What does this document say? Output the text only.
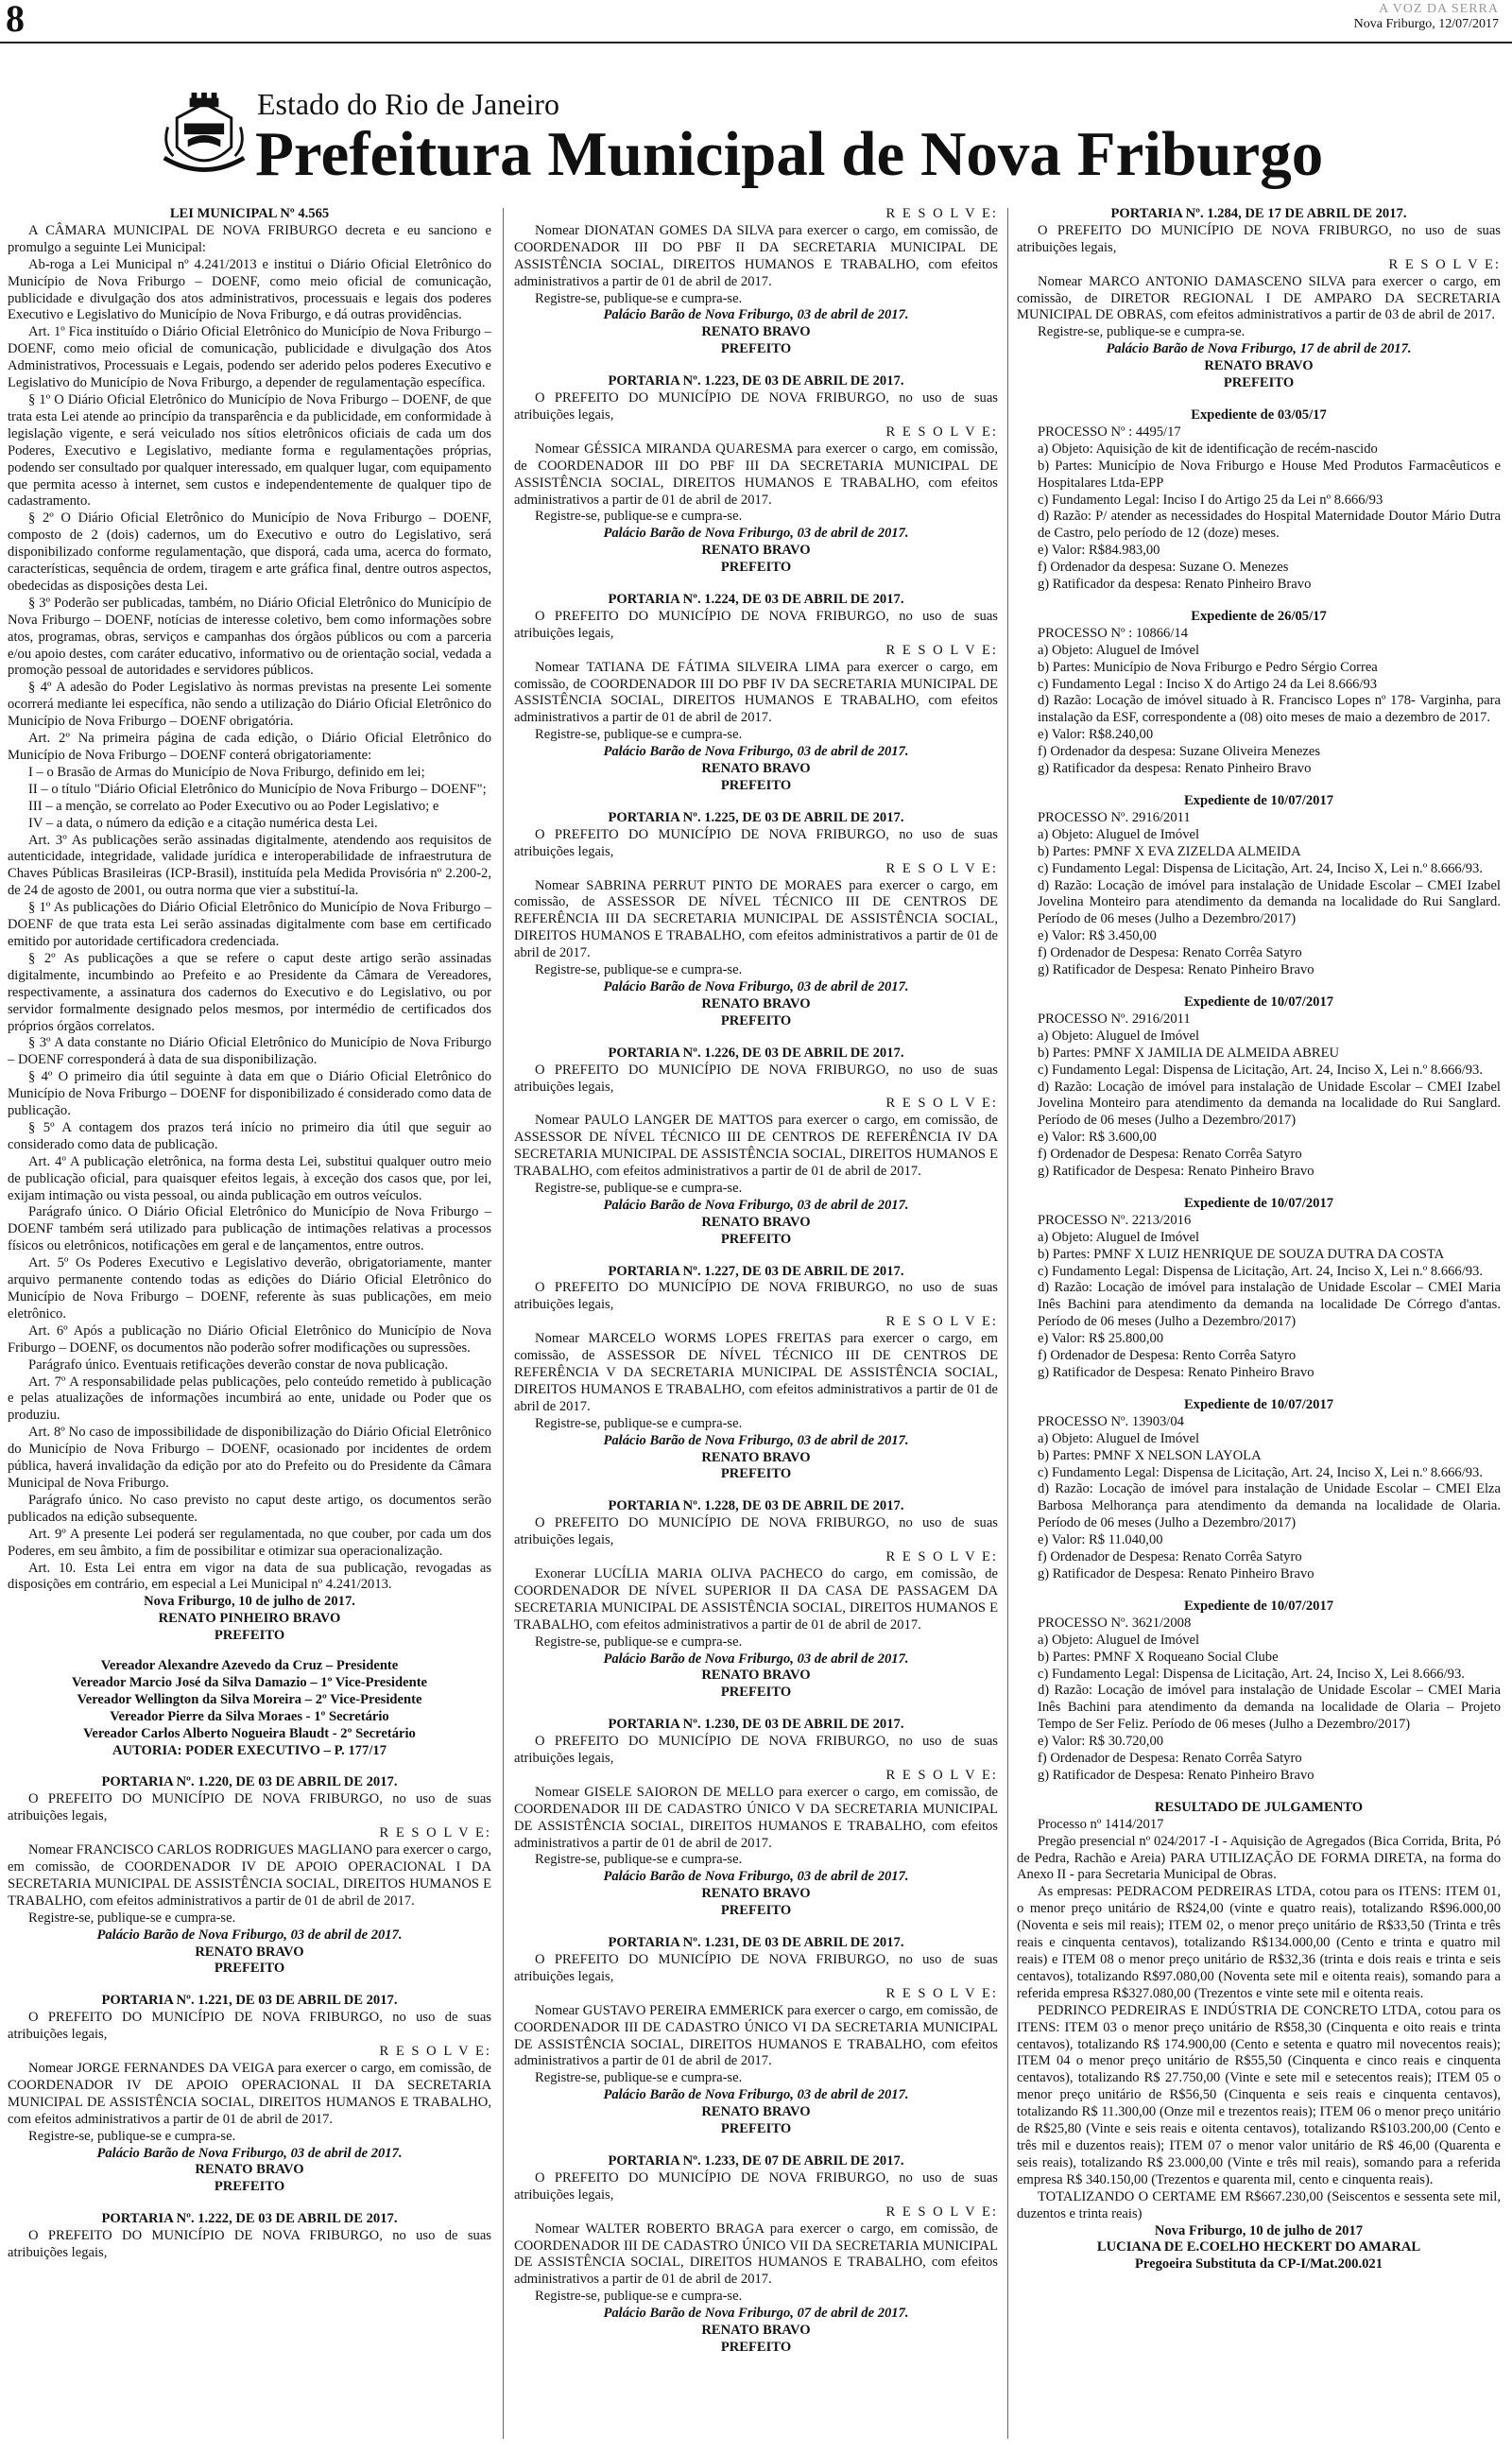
8	A VOZ DA SERRA
Nova Friburgo, 12/07/2017
Estado do Rio de Janeiro
Prefeitura Municipal de Nova Friburgo

LEI MUNICIPAL Nº 4.565

A CÂMARA MUNICIPAL DE NOVA FRIBURGO decreta e eu sanciono e promulgo a seguinte Lei Municipal:

Ab-roga a Lei Municipal nº 4.241/2013 e institui o Diário Oficial Eletrônico do Município de Nova Friburgo – DOENF, como meio oficial de comunicação, publicidade e divulgação dos atos administrativos, processuais e legais dos poderes Executivo e Legislativo do Município de Nova Friburgo, e dá outras providências.

Art. 1º Fica instituído o Diário Oficial Eletrônico do Município de Nova Friburgo – DOENF, como meio oficial de comunicação, publicidade e divulgação dos Atos Administrativos, Processuais e Legais, podendo ser aderido pelos poderes Executivo e Legislativo do Município de Nova Friburgo, a depender de regulamentação específica.

§ 1º O Diário Oficial Eletrônico do Município de Nova Friburgo – DOENF, de que trata esta Lei atende ao princípio da transparência e da publicidade, em conformidade à legislação vigente, e será veiculado nos sítios eletrônicos oficiais de cada um dos Poderes, Executivo e Legislativo, mediante forma e regulamentações próprias, podendo ser consultado por qualquer interessado, em qualquer lugar, com equipamento que permita acesso à internet, sem custos e independentemente de qualquer tipo de cadastramento.

§ 2º O Diário Oficial Eletrônico do Município de Nova Friburgo – DOENF, composto de 2 (dois) cadernos, um do Executivo e outro do Legislativo, será disponibilizado conforme regulamentação, que disporá, cada uma, acerca do formato, características, sequência de ordem, tiragem e arte gráfica final, dentre outros aspectos, obedecidas as disposições desta Lei.

§ 3º Poderão ser publicadas, também, no Diário Oficial Eletrônico do Município de Nova Friburgo – DOENF, notícias de interesse coletivo, bem como informações sobre atos, programas, obras, serviços e campanhas dos órgãos públicos ou com a parceria e/ou apoio destes, com caráter educativo, informativo ou de orientação social, vedada a promoção pessoal de autoridades e servidores públicos.

§ 4º A adesão do Poder Legislativo às normas previstas na presente Lei somente ocorrerá mediante lei específica, não sendo a utilização do Diário Oficial Eletrônico do Município de Nova Friburgo – DOENF obrigatória.

Art. 2º Na primeira página de cada edição, o Diário Oficial Eletrônico do Município de Nova Friburgo – DOENF conterá obrigatoriamente:

I – o Brasão de Armas do Município de Nova Friburgo, definido em lei;

II – o título "Diário Oficial Eletrônico do Município de Nova Friburgo – DOENF";

III – a menção, se correlato ao Poder Executivo ou ao Poder Legislativo; e

IV – a data, o número da edição e a citação numérica desta Lei.

Art. 3º As publicações serão assinadas digitalmente, atendendo aos requisitos de autenticidade, integridade, validade jurídica e interoperabilidade de infraestrutura de Chaves Públicas Brasileiras (ICP-Brasil), instituída pela Medida Provisória nº 2.200-2, de 24 de agosto de 2001, ou outra norma que vier a substituí-la.

§ 1º As publicações do Diário Oficial Eletrônico do Município de Nova Friburgo – DOENF de que trata esta Lei serão assinadas digitalmente com base em certificado emitido por autoridade certificadora credenciada.

§ 2º As publicações a que se refere o caput deste artigo serão assinadas digitalmente, incumbindo ao Prefeito e ao Presidente da Câmara de Vereadores, respectivamente, a assinatura dos cadernos do Executivo e do Legislativo, ou por servidor formalmente designado pelos mesmos, por intermédio de certificados dos próprios órgãos correlatos.

§ 3º A data constante no Diário Oficial Eletrônico do Município de Nova Friburgo – DOENF corresponderá à data de sua disponibilização.

§ 4º O primeiro dia útil seguinte à data em que o Diário Oficial Eletrônico do Município de Nova Friburgo – DOENF for disponibilizado é considerado como data de publicação.

§ 5º A contagem dos prazos terá início no primeiro dia útil que seguir ao considerado como data de publicação.

Art. 4º A publicação eletrônica, na forma desta Lei, substitui qualquer outro meio de publicação oficial, para quaisquer efeitos legais, à exceção dos casos que, por lei, exijam intimação ou vista pessoal, ou ainda publicação em outros veículos.

Parágrafo único. O Diário Oficial Eletrônico do Município de Nova Friburgo – DOENF também será utilizado para publicação de intimações relativas a processos físicos ou eletrônicos, notificações em geral e de lançamentos, entre outros.

Art. 5º Os Poderes Executivo e Legislativo deverão, obrigatoriamente, manter arquivo permanente contendo todas as edições do Diário Oficial Eletrônico do Município de Nova Friburgo – DOENF, referente às suas publicações, em meio eletrônico.

Art. 6º Após a publicação no Diário Oficial Eletrônico do Município de Nova Friburgo – DOENF, os documentos não poderão sofrer modificações ou supressões.

Parágrafo único. Eventuais retificações deverão constar de nova publicação.

Art. 7º A responsabilidade pelas publicações, pelo conteúdo remetido à publicação e pelas atualizações de informações incumbirá ao ente, unidade ou Poder que os produziu.

Art. 8º No caso de impossibilidade de disponibilização do Diário Oficial Eletrônico do Município de Nova Friburgo – DOENF, ocasionado por incidentes de ordem pública, haverá invalidação da edição por ato do Prefeito ou do Presidente da Câmara Municipal de Nova Friburgo.

Parágrafo único. No caso previsto no caput deste artigo, os documentos serão publicados na edição subsequente.

Art. 9º A presente Lei poderá ser regulamentada, no que couber, por cada um dos Poderes, em seu âmbito, a fim de possibilitar e otimizar sua operacionalização.

Art. 10. Esta Lei entra em vigor na data de sua publicação, revogadas as disposições em contrário, em especial a Lei Municipal nº 4.241/2013.

Nova Friburgo, 10 de julho de 2017.

RENATO PINHEIRO BRAVO

PREFEITO

Vereador Alexandre Azevedo da Cruz – Presidente

Vereador Marcio José da Silva Damazio – 1º Vice-Presidente

Vereador Wellington da Silva Moreira – 2º Vice-Presidente

Vereador Pierre da Silva Moraes - 1º Secretário

Vereador Carlos Alberto Nogueira Blaudt - 2º Secretário

AUTORIA: PODER EXECUTIVO – P. 177/17

PORTARIA Nº. 1.220, DE 03 DE ABRIL DE 2017.

O PREFEITO DO MUNICÍPIO DE NOVA FRIBURGO, no uso de suas atribuições legais,

R E S O L V E:

Nomear FRANCISCO CARLOS RODRIGUES MAGLIANO para exercer o cargo, em comissão, de COORDENADOR IV DE APOIO OPERACIONAL I DA SECRETARIA MUNICIPAL DE ASSISTÊNCIA SOCIAL, DIREITOS HUMANOS E TRABALHO, com efeitos administrativos a partir de 01 de abril de 2017.

Registre-se, publique-se e cumpra-se.

Palácio Barão de Nova Friburgo, 03 de abril de 2017.

RENATO BRAVO

PREFEITO

PORTARIA Nº. 1.221, DE 03 DE ABRIL DE 2017.

O PREFEITO DO MUNICÍPIO DE NOVA FRIBURGO, no uso de suas atribuições legais,

R E S O L V E:

Nomear JORGE FERNANDES DA VEIGA para exercer o cargo, em comissão, de COORDENADOR IV DE APOIO OPERACIONAL II DA SECRETARIA MUNICIPAL DE ASSISTÊNCIA SOCIAL, DIREITOS HUMANOS E TRABALHO, com efeitos administrativos a partir de 01 de abril de 2017.

Registre-se, publique-se e cumpra-se.

Palácio Barão de Nova Friburgo, 03 de abril de 2017.

RENATO BRAVO

PREFEITO

PORTARIA Nº. 1.222, DE 03 DE ABRIL DE 2017.

O PREFEITO DO MUNICÍPIO DE NOVA FRIBURGO, no uso de suas atribuições legais,

R E S O L V E:

Nomear DIONATAN GOMES DA SILVA para exercer o cargo, em comissão, de COORDENADOR III DO PBF II DA SECRETARIA MUNICIPAL DE ASSISTÊNCIA SOCIAL, DIREITOS HUMANOS E TRABALHO, com efeitos administrativos a partir de 01 de abril de 2017.

Registre-se, publique-se e cumpra-se.

Palácio Barão de Nova Friburgo, 03 de abril de 2017.

RENATO BRAVO

PREFEITO

PORTARIA Nº. 1.223, DE 03 DE ABRIL DE 2017.

O PREFEITO DO MUNICÍPIO DE NOVA FRIBURGO, no uso de suas atribuições legais,

R E S O L V E:

Nomear GÉSSICA MIRANDA QUARESMA para exercer o cargo, em comissão, de COORDENADOR III DO PBF III DA SECRETARIA MUNICIPAL DE ASSISTÊNCIA SOCIAL, DIREITOS HUMANOS E TRABALHO, com efeitos administrativos a partir de 01 de abril de 2017.

Registre-se, publique-se e cumpra-se.

Palácio Barão de Nova Friburgo, 03 de abril de 2017.

RENATO BRAVO

PREFEITO

PORTARIA Nº. 1.224, DE 03 DE ABRIL DE 2017.

O PREFEITO DO MUNICÍPIO DE NOVA FRIBURGO, no uso de suas atribuições legais,

R E S O L V E:

Nomear TATIANA DE FÁTIMA SILVEIRA LIMA para exercer o cargo, em comissão, de COORDENADOR III DO PBF IV DA SECRETARIA MUNICIPAL DE ASSISTÊNCIA SOCIAL, DIREITOS HUMANOS E TRABALHO, com efeitos administrativos a partir de 01 de abril de 2017.

Registre-se, publique-se e cumpra-se.

Palácio Barão de Nova Friburgo, 03 de abril de 2017.

RENATO BRAVO

PREFEITO

PORTARIA Nº. 1.225, DE 03 DE ABRIL DE 2017.

O PREFEITO DO MUNICÍPIO DE NOVA FRIBURGO, no uso de suas atribuições legais,

R E S O L V E:

Nomear SABRINA PERRUT PINTO DE MORAES para exercer o cargo, em comissão, de ASSESSOR DE NÍVEL TÉCNICO III DE CENTROS DE REFERÊNCIA III DA SECRETARIA MUNICIPAL DE ASSISTÊNCIA SOCIAL, DIREITOS HUMANOS E TRABALHO, com efeitos administrativos a partir de 01 de abril de 2017.

Registre-se, publique-se e cumpra-se.

Palácio Barão de Nova Friburgo, 03 de abril de 2017.

RENATO BRAVO

PREFEITO

PORTARIA Nº. 1.226, DE 03 DE ABRIL DE 2017.

O PREFEITO DO MUNICÍPIO DE NOVA FRIBURGO, no uso de suas atribuições legais,

R E S O L V E:

Nomear PAULO LANGER DE MATTOS para exercer o cargo, em comissão, de ASSESSOR DE NÍVEL TÉCNICO III DE CENTROS DE REFERÊNCIA IV DA SECRETARIA MUNICIPAL DE ASSISTÊNCIA SOCIAL, DIREITOS HUMANOS E TRABALHO, com efeitos administrativos a partir de 01 de abril de 2017.

Registre-se, publique-se e cumpra-se.

Palácio Barão de Nova Friburgo, 03 de abril de 2017.

RENATO BRAVO

PREFEITO

PORTARIA Nº. 1.227, DE 03 DE ABRIL DE 2017.

O PREFEITO DO MUNICÍPIO DE NOVA FRIBURGO, no uso de suas atribuições legais,

R E S O L V E:

Nomear MARCELO WORMS LOPES FREITAS para exercer o cargo, em comissão, de ASSESSOR DE NÍVEL TÉCNICO III DE CENTROS DE REFERÊNCIA V DA SECRETARIA MUNICIPAL DE ASSISTÊNCIA SOCIAL, DIREITOS HUMANOS E TRABALHO, com efeitos administrativos a partir de 01 de abril de 2017.

Registre-se, publique-se e cumpra-se.

Palácio Barão de Nova Friburgo, 03 de abril de 2017.

RENATO BRAVO

PREFEITO

PORTARIA Nº. 1.228, DE 03 DE ABRIL DE 2017.

O PREFEITO DO MUNICÍPIO DE NOVA FRIBURGO, no uso de suas atribuições legais,

R E S O L V E:

Exonerar LUCÍLIA MARIA OLIVA PACHECO do cargo, em comissão, de COORDENADOR DE NÍVEL SUPERIOR II DA CASA DE PASSAGEM DA SECRETARIA MUNICIPAL DE ASSISTÊNCIA SOCIAL, DIREITOS HUMANOS E TRABALHO, com efeitos administrativos a partir de 01 de abril de 2017.

Registre-se, publique-se e cumpra-se.

Palácio Barão de Nova Friburgo, 03 de abril de 2017.

RENATO BRAVO

PREFEITO

PORTARIA Nº. 1.230, DE 03 DE ABRIL DE 2017.

O PREFEITO DO MUNICÍPIO DE NOVA FRIBURGO, no uso de suas atribuições legais,

R E S O L V E:

Nomear GISELE SAIORON DE MELLO para exercer o cargo, em comissão, de COORDENADOR III DE CADASTRO ÚNICO V DA SECRETARIA MUNICIPAL DE ASSISTÊNCIA SOCIAL, DIREITOS HUMANOS E TRABALHO, com efeitos administrativos a partir de 01 de abril de 2017.

Registre-se, publique-se e cumpra-se.

Palácio Barão de Nova Friburgo, 03 de abril de 2017.

RENATO BRAVO

PREFEITO

PORTARIA Nº. 1.231, DE 03 DE ABRIL DE 2017.

O PREFEITO DO MUNICÍPIO DE NOVA FRIBURGO, no uso de suas atribuições legais,

R E S O L V E:

Nomear GUSTAVO PEREIRA EMMERICK para exercer o cargo, em comissão, de COORDENADOR III DE CADASTRO ÚNICO VI DA SECRETARIA MUNICIPAL DE ASSISTÊNCIA SOCIAL, DIREITOS HUMANOS E TRABALHO, com efeitos administrativos a partir de 01 de abril de 2017.

Registre-se, publique-se e cumpra-se.

Palácio Barão de Nova Friburgo, 03 de abril de 2017.

RENATO BRAVO

PREFEITO

PORTARIA Nº. 1.233, DE 07 DE ABRIL DE 2017.

O PREFEITO DO MUNICÍPIO DE NOVA FRIBURGO, no uso de suas atribuições legais,

R E S O L V E:

Nomear WALTER ROBERTO BRAGA para exercer o cargo, em comissão, de COORDENADOR III DE CADASTRO ÚNICO VII DA SECRETARIA MUNICIPAL DE ASSISTÊNCIA SOCIAL, DIREITOS HUMANOS E TRABALHO, com efeitos administrativos a partir de 01 de abril de 2017.

Registre-se, publique-se e cumpra-se.

Palácio Barão de Nova Friburgo, 07 de abril de 2017.

RENATO BRAVO

PREFEITO

PORTARIA Nº. 1.284, DE 17 DE ABRIL DE 2017.

O PREFEITO DO MUNICÍPIO DE NOVA FRIBURGO, no uso de suas atribuições legais,

R E S O L V E:

Nomear MARCO ANTONIO DAMASCENO SILVA para exercer o cargo, em comissão, de DIRETOR REGIONAL I DE AMPARO DA SECRETARIA MUNICIPAL DE OBRAS, com efeitos administrativos a partir de 03 de abril de 2017.

Registre-se, publique-se e cumpra-se.

Palácio Barão de Nova Friburgo, 17 de abril de 2017.

RENATO BRAVO

PREFEITO

Expediente de 03/05/17

PROCESSO Nº : 4495/17

a) Objeto: Aquisição de kit de identificação de recém-nascido

b) Partes: Município de Nova Friburgo e House Med Produtos Farmacêuticos e Hospitalares Ltda-EPP

c) Fundamento Legal: Inciso I do Artigo 25 da Lei nº 8.666/93

d) Razão: P/ atender as necessidades do Hospital Maternidade Doutor Mário Dutra de Castro, pelo período de 12 (doze) meses.

e) Valor: R$84.983,00

f) Ordenador da despesa: Suzane O. Menezes

g) Ratificador da despesa: Renato Pinheiro Bravo

Expediente de 26/05/17

PROCESSO Nº : 10866/14

a) Objeto: Aluguel de Imóvel

b) Partes: Município de Nova Friburgo e Pedro Sérgio Correa

c) Fundamento Legal : Inciso X do Artigo 24 da Lei 8.666/93

d) Razão: Locação de imóvel situado à R. Francisco Lopes nº 178- Varginha, para instalação da ESF, correspondente a (08) oito meses de maio a dezembro de 2017.

e) Valor: R$8.240,00

f) Ordenador da despesa: Suzane Oliveira Menezes

g) Ratificador da despesa: Renato Pinheiro Bravo

Expediente de 10/07/2017

PROCESSO Nº. 2916/2011

a) Objeto: Aluguel de Imóvel

b) Partes: PMNF X EVA ZIZELDA ALMEIDA

c) Fundamento Legal: Dispensa de Licitação, Art. 24, Inciso X, Lei n.º 8.666/93.

d) Razão: Locação de imóvel para instalação de Unidade Escolar – CMEI Izabel Jovelina Monteiro para atendimento da demanda na localidade do Rui Sanglard. Período de 06 meses (Julho a Dezembro/2017)

e) Valor: R$ 3.450,00

f) Ordenador de Despesa: Renato Corrêa Satyro

g) Ratificador de Despesa: Renato Pinheiro Bravo

Expediente de 10/07/2017

PROCESSO Nº. 2916/2011

a) Objeto: Aluguel de Imóvel

b) Partes: PMNF X JAMILIA DE ALMEIDA ABREU

c) Fundamento Legal: Dispensa de Licitação, Art. 24, Inciso X, Lei n.º 8.666/93.

d) Razão: Locação de imóvel para instalação de Unidade Escolar – CMEI Izabel Jovelina Monteiro para atendimento da demanda na localidade do Rui Sanglard. Período de 06 meses (Julho a Dezembro/2017)

e) Valor: R$ 3.600,00

f) Ordenador de Despesa: Renato Corrêa Satyro

g) Ratificador de Despesa: Renato Pinheiro Bravo

Expediente de 10/07/2017

PROCESSO Nº. 2213/2016

a) Objeto: Aluguel de Imóvel

b) Partes: PMNF X LUIZ HENRIQUE DE SOUZA DUTRA DA COSTA

c) Fundamento Legal: Dispensa de Licitação, Art. 24, Inciso X, Lei n.º 8.666/93.

d) Razão: Locação de imóvel para instalação de Unidade Escolar – CMEI Maria Inês Bachini para atendimento da demanda na localidade De Córrego d'antas. Período de 06 meses (Julho a Dezembro/2017)

e) Valor: R$ 25.800,00

f) Ordenador de Despesa: Rento Corrêa Satyro

g) Ratificador de Despesa: Renato Pinheiro Bravo

Expediente de 10/07/2017

PROCESSO Nº. 13903/04

a) Objeto: Aluguel de Imóvel

b) Partes: PMNF X NELSON LAYOLA

c) Fundamento Legal: Dispensa de Licitação, Art. 24, Inciso X, Lei n.º 8.666/93.

d) Razão: Locação de imóvel para instalação de Unidade Escolar – CMEI Elza Barbosa Melhorança para atendimento da demanda na localidade de Olaria. Período de 06 meses (Julho a Dezembro/2017)

e) Valor: R$ 11.040,00

f) Ordenador de Despesa: Renato Corrêa Satyro

g) Ratificador de Despesa: Renato Pinheiro Bravo

Expediente de 10/07/2017

PROCESSO Nº. 3621/2008

a) Objeto: Aluguel de Imóvel

b) Partes: PMNF X Roqueano Social Clube

c) Fundamento Legal: Dispensa de Licitação, Art. 24, Inciso X, Lei 8.666/93.

d) Razão: Locação de imóvel para instalação de Unidade Escolar – CMEI Maria Inês Bachini para atendimento da demanda na localidade de Olaria – Projeto Tempo de Ser Feliz. Período de 06 meses (Julho a Dezembro/2017)

e) Valor: R$ 30.720,00

f) Ordenador de Despesa: Renato Corrêa Satyro

g) Ratificador de Despesa: Renato Pinheiro Bravo

RESULTADO DE JULGAMENTO

Processo nº 1414/2017

Pregão presencial nº 024/2017 -I - Aquisição de Agregados (Bica Corrida, Brita, Pó de Pedra, Rachão e Areia) PARA UTILIZAÇÃO DE FORMA DIRETA, na forma do Anexo II - para Secretaria Municipal de Obras.

As empresas: PEDRACOM PEDREIRAS LTDA, cotou para os ITENS: ITEM 01, o menor preço unitário de R$24,00 (vinte e quatro reais), totalizando R$96.000,00 (Noventa e seis mil reais); ITEM 02, o menor preço unitário de R$33,50 (Trinta e três reais e cinquenta centavos), totalizando R$134.000,00 (Cento e trinta e quatro mil reais) e ITEM 08 o menor preço unitário de R$32,36 (trinta e dois reais e trinta e seis centavos), totalizando R$97.080,00 (Noventa sete mil e oitenta reais), somando para a referida empresa R$327.080,00 (Trezentos e vinte sete mil e oitenta reais.

PEDRINCO PEDREIRAS E INDÚSTRIA DE CONCRETO LTDA, cotou para os ITENS: ITEM 03 o menor preço unitário de R$58,30 (Cinquenta e oito reais e trinta centavos), totalizando R$ 174.900,00 (Cento e setenta e quatro mil novecentos reais); ITEM 04 o menor preço unitário de R$55,50 (Cinquenta e cinco reais e cinquenta centavos), totalizando R$ 27.750,00 (Vinte e sete mil e setecentos reais); ITEM 05 o menor preço unitário de R$56,50 (Cinquenta e seis reais e cinquenta centavos), totalizando R$ 11.300,00 (Onze mil e trezentos reais); ITEM 06 o menor preço unitário de R$25,80 (Vinte e seis reais e oitenta centavos), totalizando R$103.200,00 (Cento e três mil e duzentos reais); ITEM 07 o menor valor unitário de R$ 46,00 (Quarenta e seis reais), totalizando R$ 23.000,00 (Vinte e três mil reais), somando para a referida empresa R$ 340.150,00 (Trezentos e quarenta mil, cento e cinquenta reais).

TOTALIZANDO O CERTAME EM R$667.230,00 (Seiscentos e sessenta sete mil, duzentos e trinta reais)

Nova Friburgo, 10 de julho de 2017

LUCIANA DE E.COELHO HECKERT DO AMARAL

Pregoeira Substituta da CP-I/Mat.200.021
